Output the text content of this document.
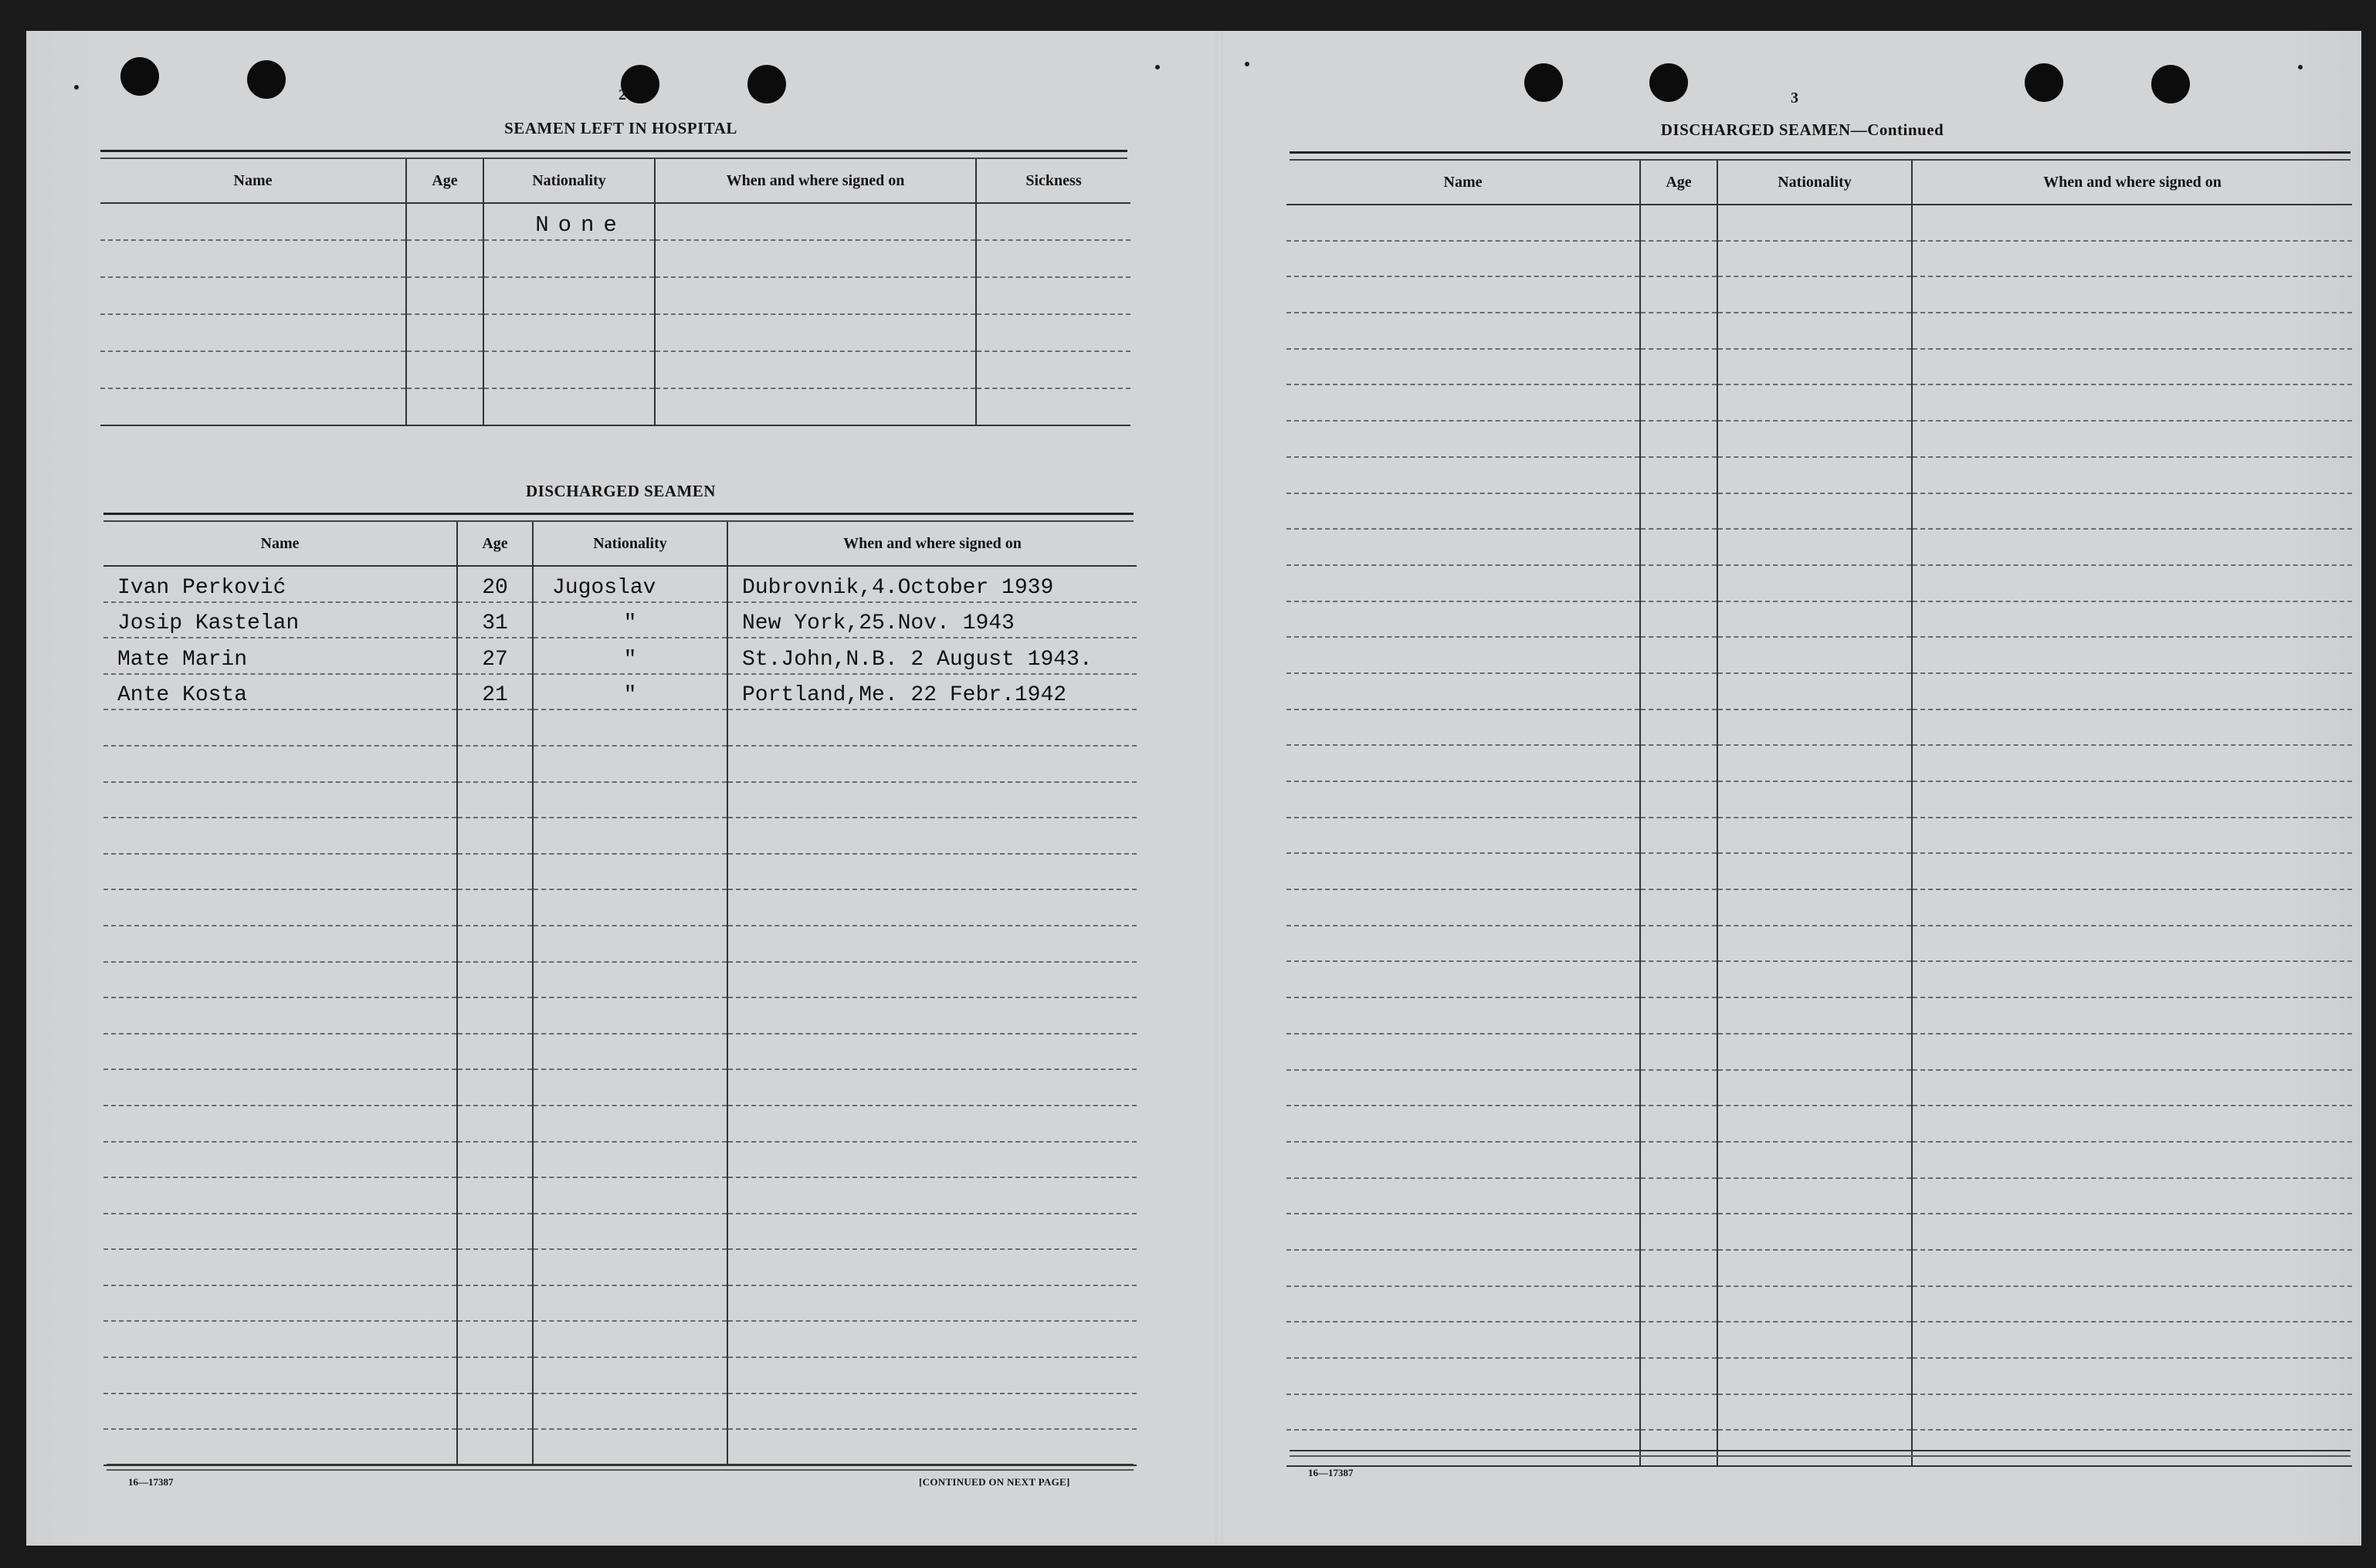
2
SEAMEN LEFT IN HOSPITAL
Name	Age	Nationality	When and where signed on	Sickness
		None		

DISCHARGED SEAMEN
Name	Age	Nationality	When and where signed on
Ivan Perković	20	Jugoslav	Dubrovnik,4.October 1939
Josip Kastelan	31	"	New York,25.Nov. 1943
Mate Marin	27	"	St.John,N.B. 2 August 1943.
Ante Kosta	21	"	Portland,Me. 22 Febr.1942

16—17387	[CONTINUED ON NEXT PAGE]
3
DISCHARGED SEAMEN—Continued
Name	Age	Nationality	When and where signed on

16—17387
